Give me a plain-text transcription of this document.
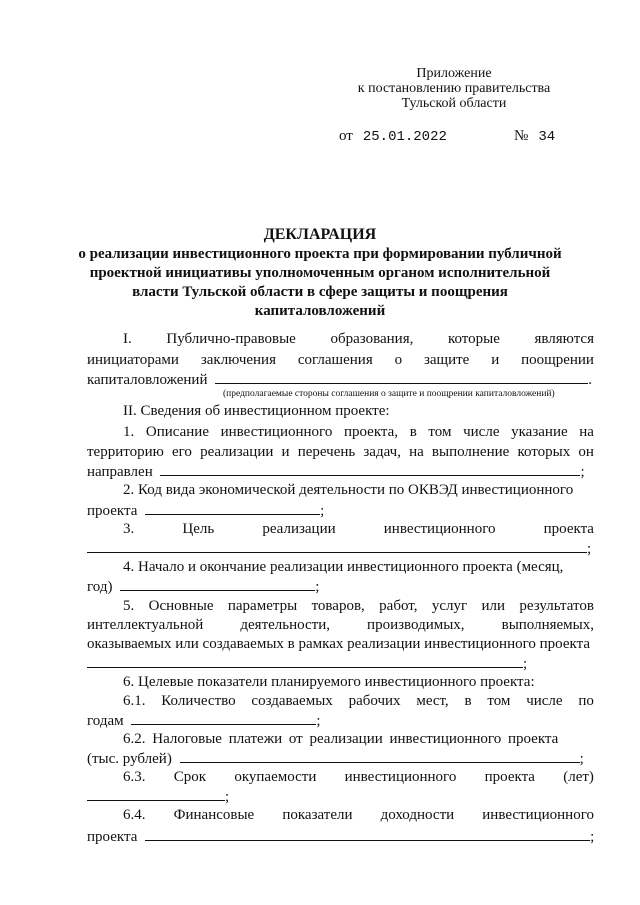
Приложение
к постановлению правительства
Тульской области
от 25.01.2022	№ 34
ДЕКЛАРАЦИЯ
о реализации инвестиционного проекта при формировании публичной
проектной инициативы уполномоченным органом исполнительной
власти Тульской области в сфере защиты и поощрения
капиталовложений
I. Публично-правовые образования, которые являются
инициаторами заключения соглашения о защите и поощрении
капиталовложений	.
(предполагаемые стороны соглашения о защите и поощрении капиталовложений)
II. Сведения об инвестиционном проекте:
1. Описание инвестиционного проекта, в том числе указание на
территорию его реализации и перечень задач, на выполнение которых он
направлен	;
2. Код вида экономической деятельности по ОКВЭД инвестиционного
проекта	;
3.	Цель	реализации	инвестиционного	проекта
;
4. Начало и окончание реализации инвестиционного проекта (месяц,
год)	;
5. Основные параметры товаров, работ, услуг или результатов
интеллектуальной деятельности, производимых, выполняемых,
оказываемых или создаваемых в рамках реализации инвестиционного проекта
;
6. Целевые показатели планируемого инвестиционного проекта:
6.1. Количество создаваемых рабочих мест, в том числе по
годам	;
6.2. Налоговые платежи от реализации инвестиционного проекта
(тыс. рублей)	;
6.3. Срок окупаемости инвестиционного проекта (лет)
;
6.4. Финансовые показатели доходности инвестиционного
проекта	;
